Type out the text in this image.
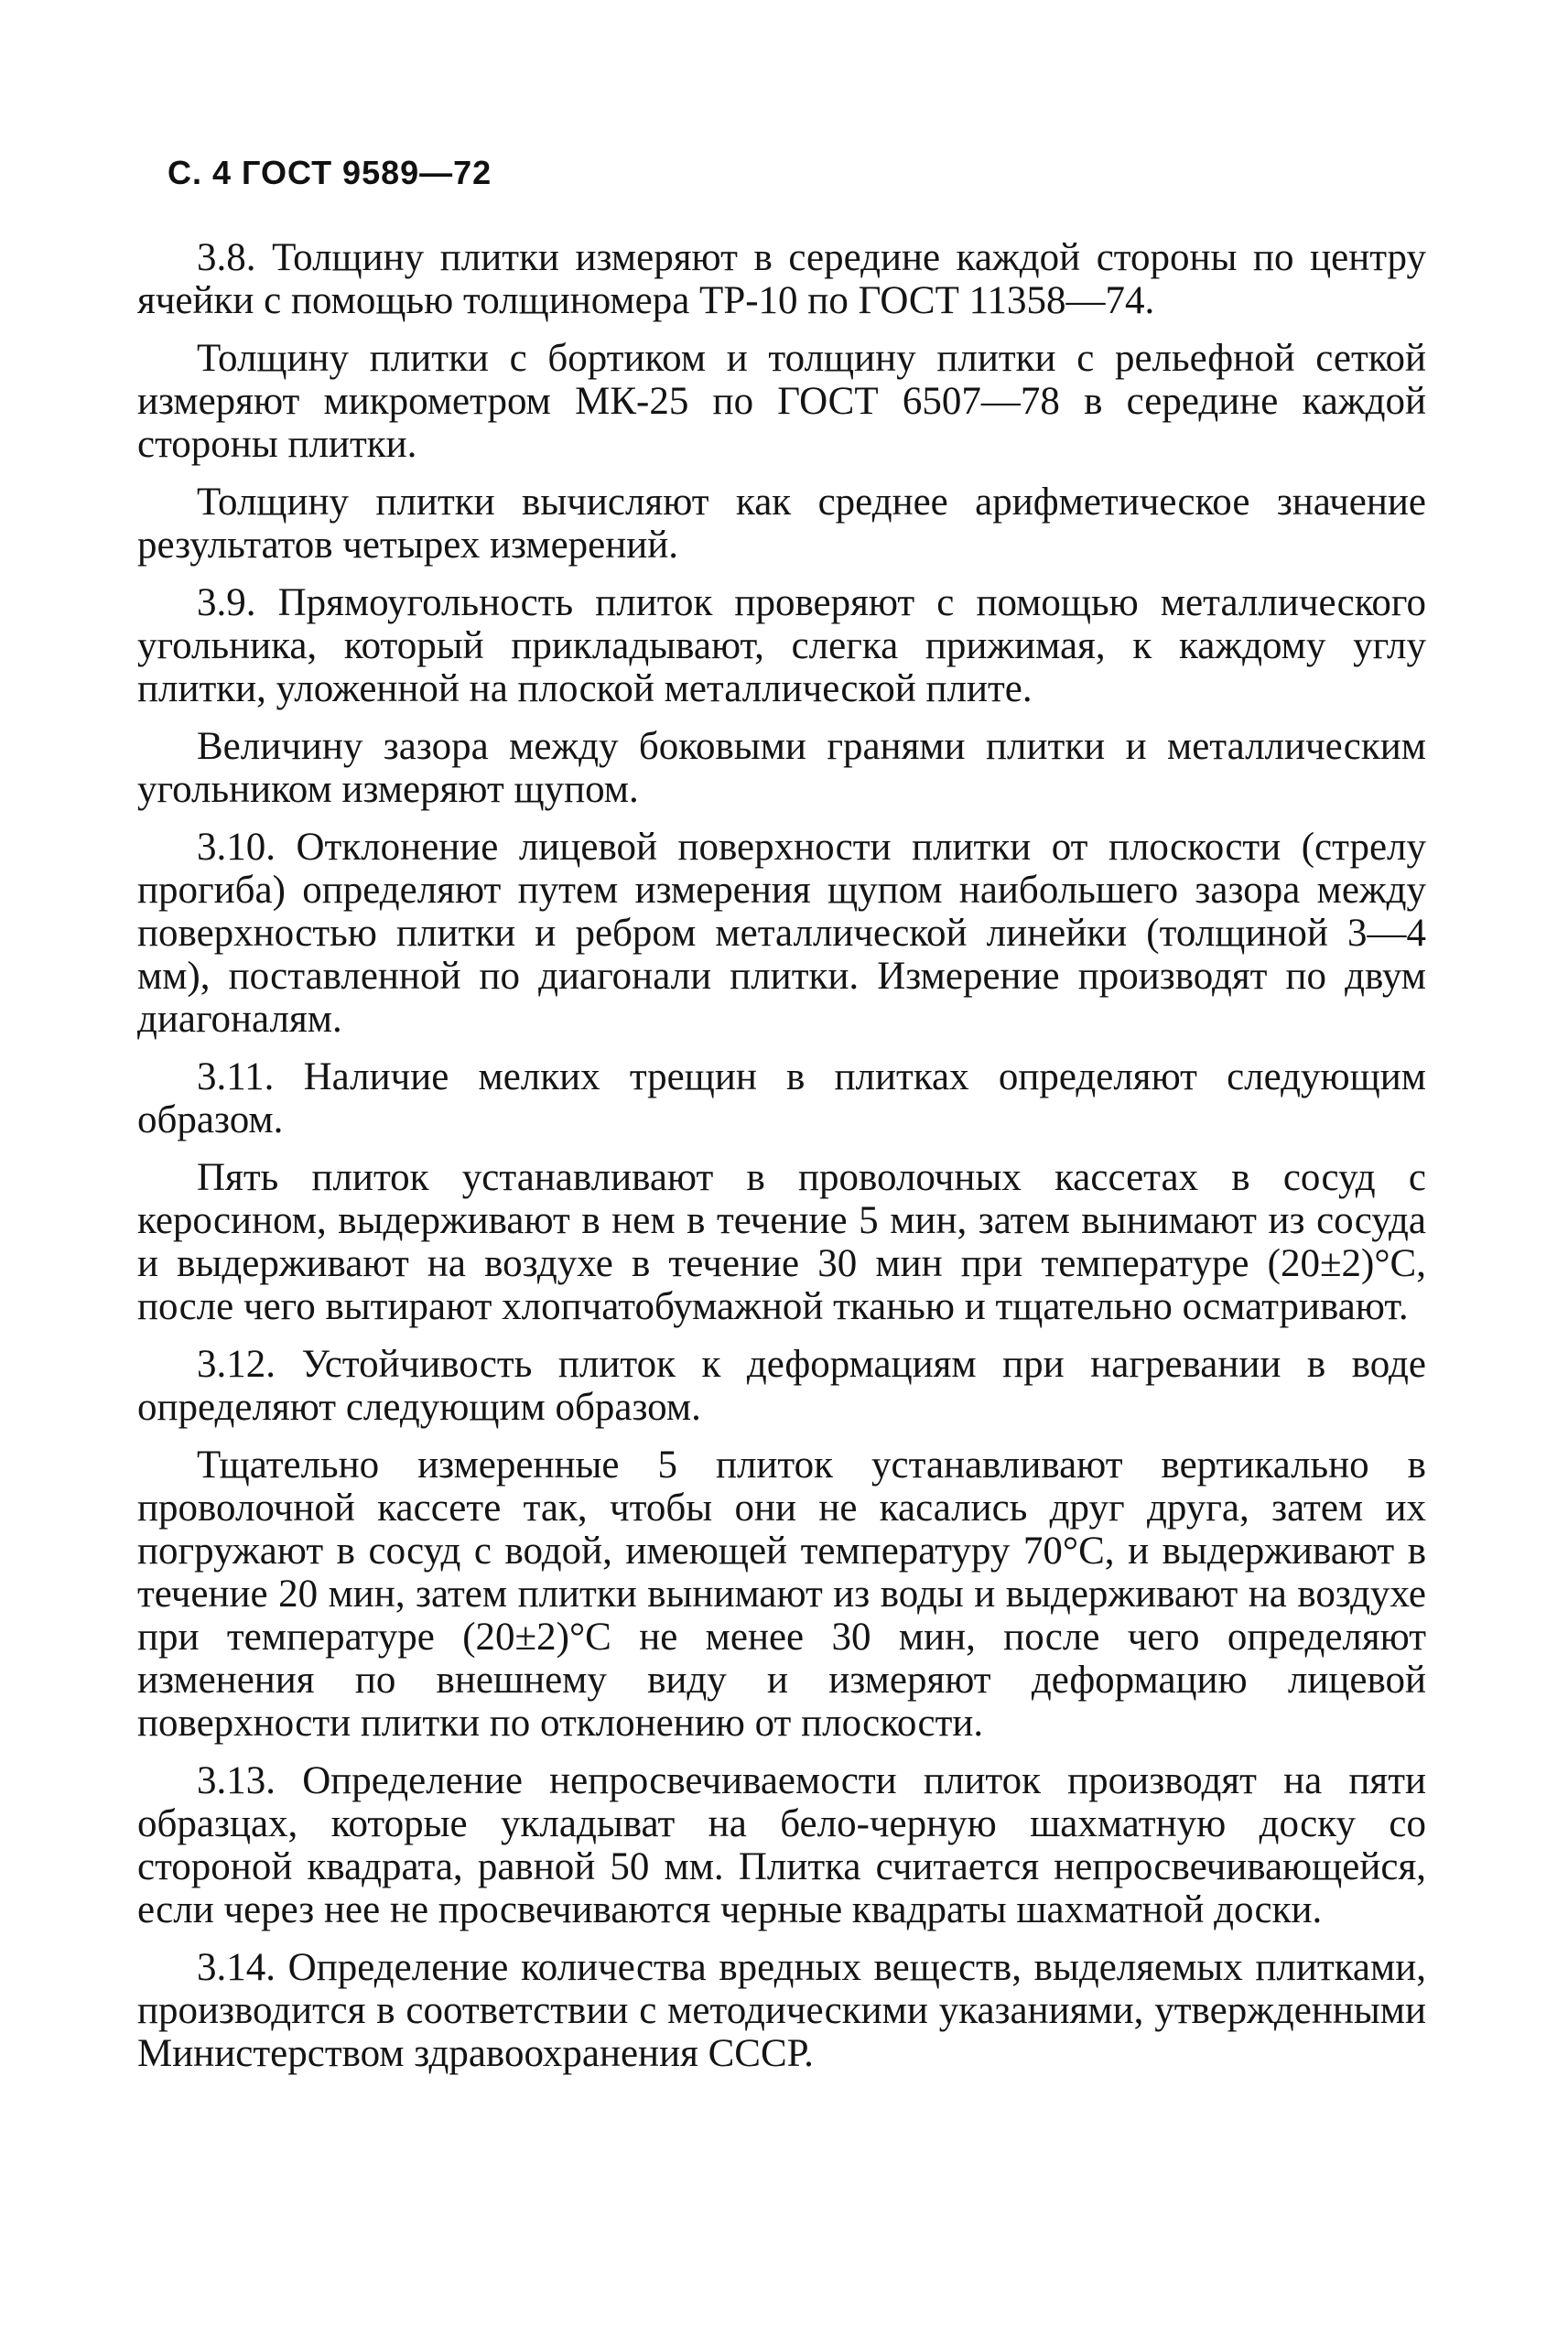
С. 4 ГОСТ 9589—72

3.8. Толщину плитки измеряют в середине каждой стороны по центру ячейки с помощью толщиномера ТР-10 по ГОСТ 11358—74.

Толщину плитки с бортиком и толщину плитки с рельефной сеткой измеряют микрометром МК-25 по ГОСТ 6507—78 в середине каждой стороны плитки.

Толщину плитки вычисляют как среднее арифметическое значение результатов четырех измерений.

3.9. Прямоугольность плиток проверяют с помощью металлического угольника, который прикладывают, слегка прижимая, к каждому углу плитки, уложенной на плоской металлической плите.

Величину зазора между боковыми гранями плитки и металлическим угольником измеряют щупом.

3.10. Отклонение лицевой поверхности плитки от плоскости (стрелу прогиба) определяют путем измерения щупом наибольшего зазора между поверхностью плитки и ребром металлической линейки (толщиной 3—4 мм), поставленной по диагонали плитки. Измерение производят по двум диагоналям.

3.11. Наличие мелких трещин в плитках определяют следующим образом.

Пять плиток устанавливают в проволочных кассетах в сосуд с керосином, выдерживают в нем в течение 5 мин, затем вынимают из сосуда и выдерживают на воздухе в течение 30 мин при температуре (20±2)°С, после чего вытирают хлопчатобумажной тканью и тщательно осматривают.

3.12. Устойчивость плиток к деформациям при нагревании в воде определяют следующим образом.

Тщательно измеренные 5 плиток устанавливают вертикально в проволочной кассете так, чтобы они не касались друг друга, затем их погружают в сосуд с водой, имеющей температуру 70°С, и выдерживают в течение 20 мин, затем плитки вынимают из воды и выдерживают на воздухе при температуре (20±2)°С не менее 30 мин, после чего определяют изменения по внешнему виду и измеряют деформацию лицевой поверхности плитки по отклонению от плоскости.

3.13. Определение непросвечиваемости плиток производят на пяти образцах, которые укладыват на бело-черную шахматную доску со стороной квадрата, равной 50 мм. Плитка считается непросвечивающейся, если через нее не просвечиваются черные квадраты шахматной доски.

3.14. Определение количества вредных веществ, выделяемых плитками, производится в соответствии с методическими указаниями, утвержденными Министерством здравоохранения СССР.
